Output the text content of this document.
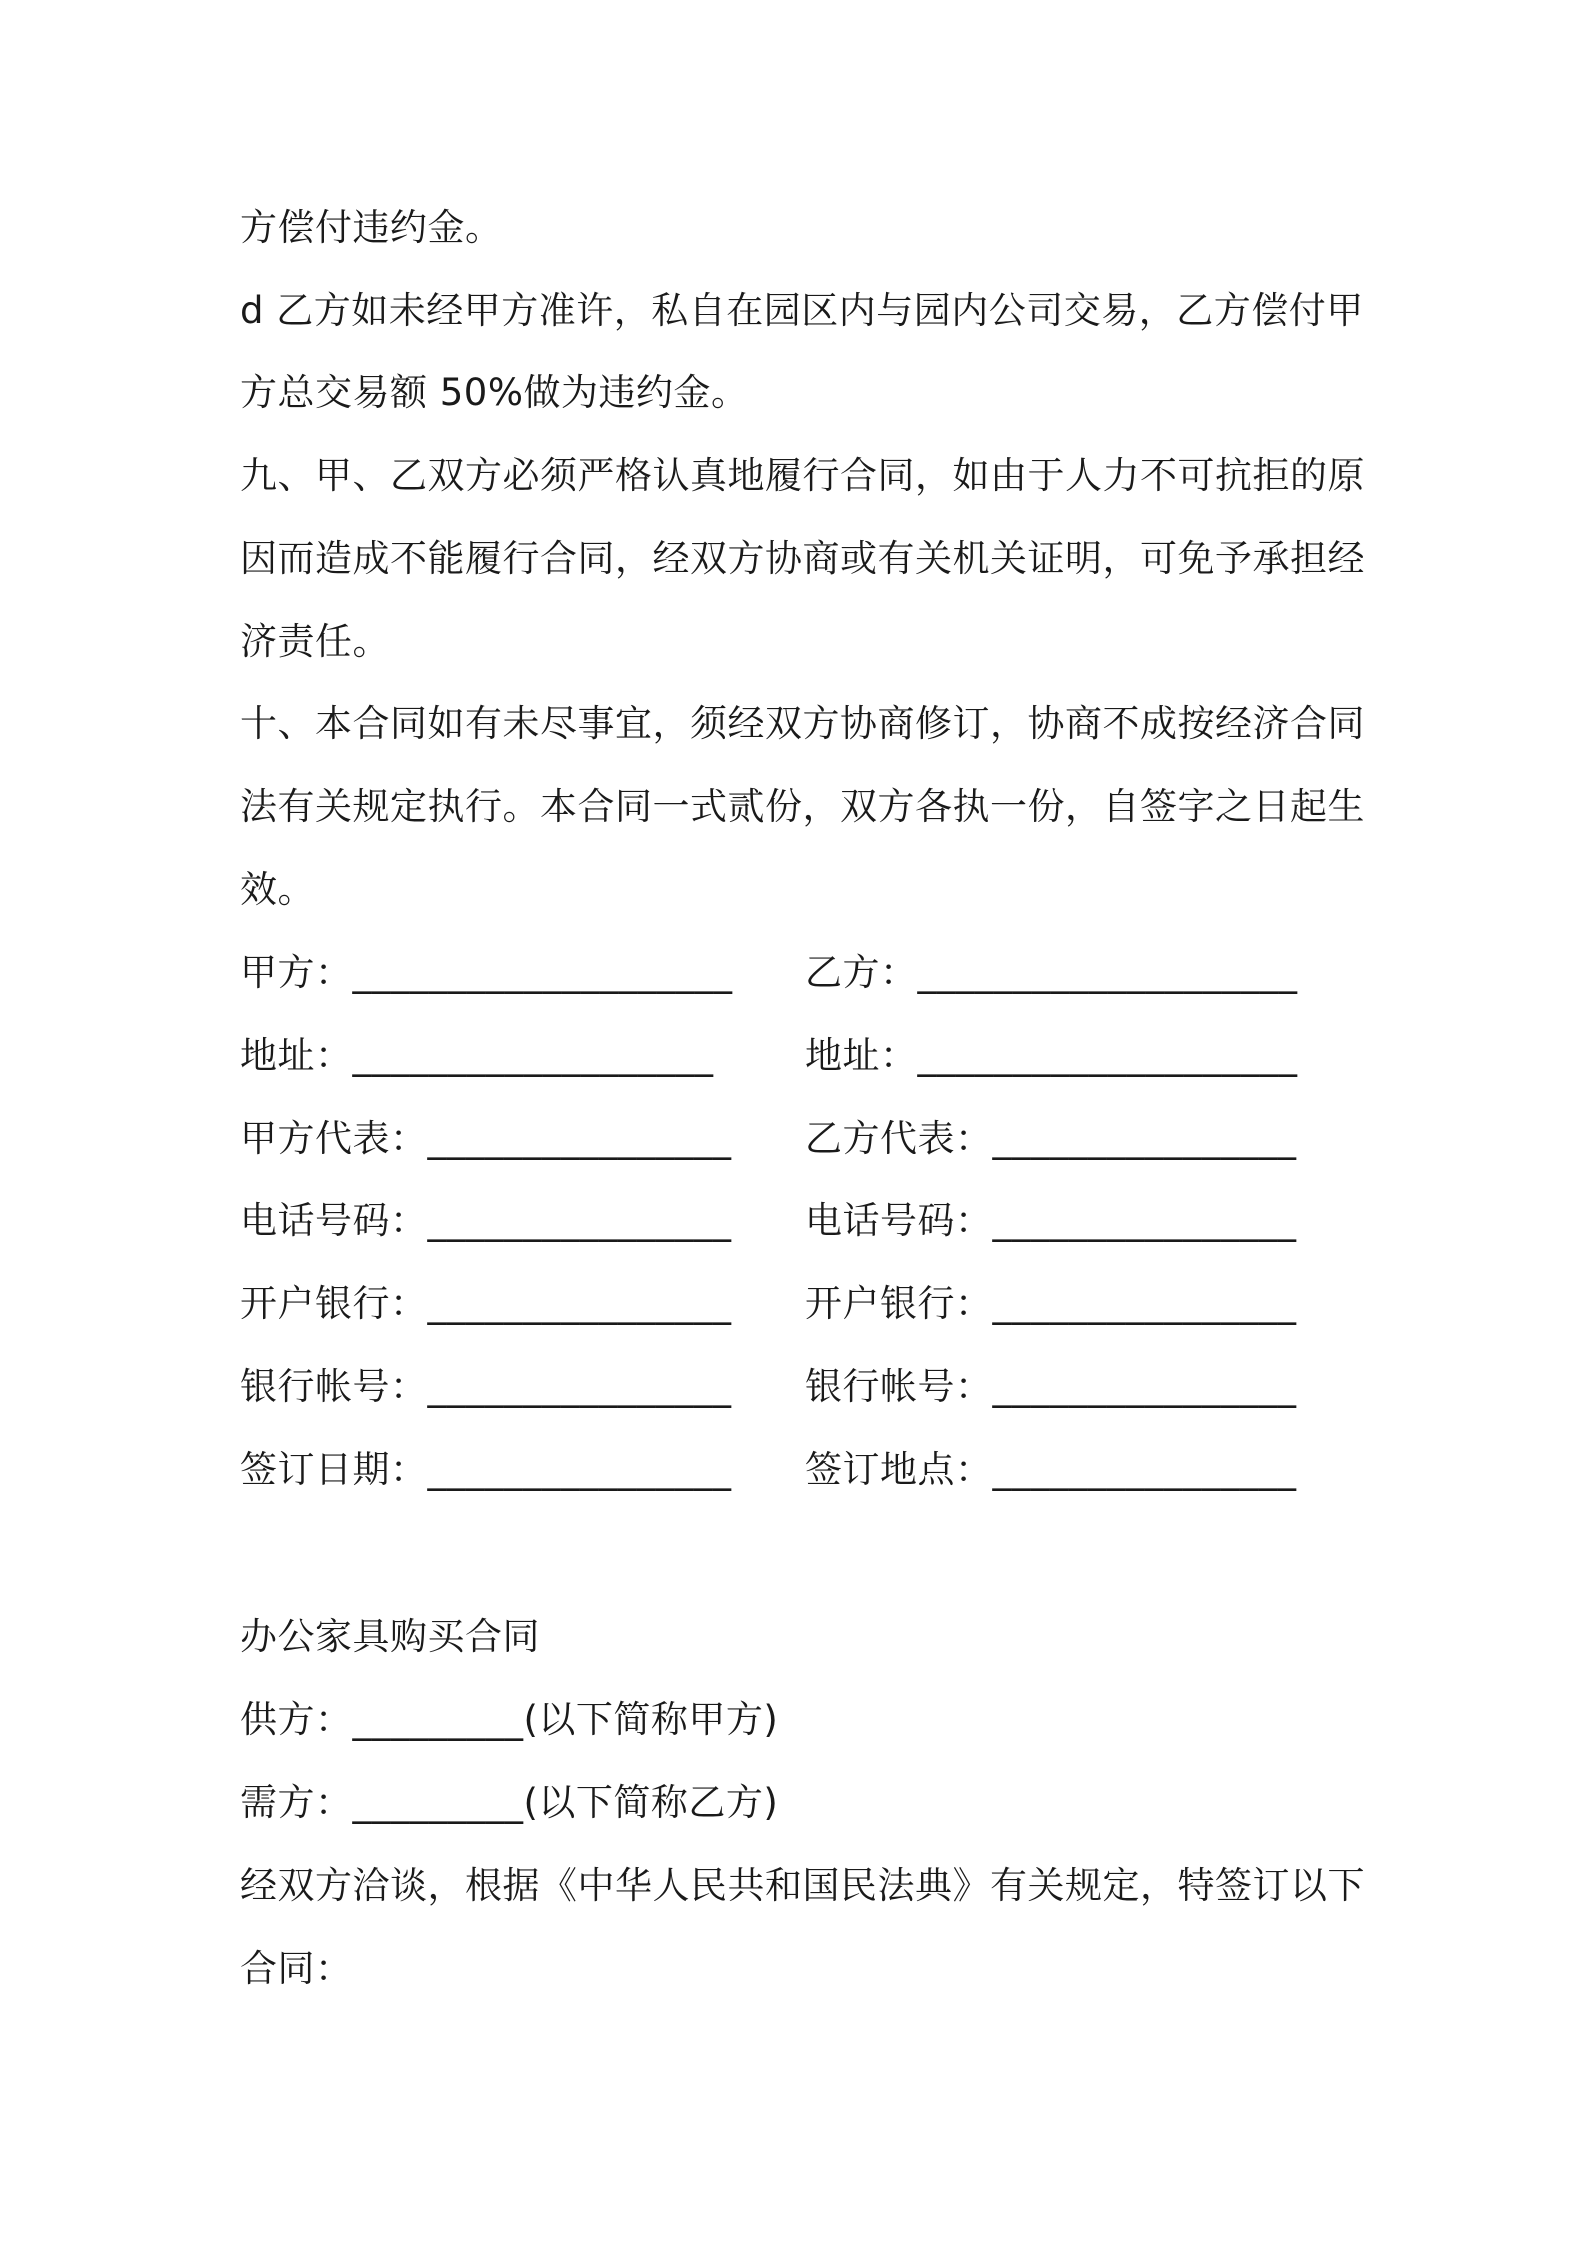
方偿付违约金。
d 乙方如未经甲方准许，私自在园区内与园内公司交易，乙方偿付甲
方总交易额 50%做为违约金。
九、甲、乙双方必须严格认真地履行合同，如由于人力不可抗拒的原
因而造成不能履行合同，经双方协商或有关机关证明，可免予承担经
济责任。
十、本合同如有未尽事宜，须经双方协商修订，协商不成按经济合同
法有关规定执行。本合同一式贰份，双方各执一份，自签字之日起生
效。
甲方：____________________ 乙方：____________________
地址：___________________ 地址：____________________
甲方代表：________________ 乙方代表：________________
电话号码：________________ 电话号码：________________
开户银行：________________ 开户银行：________________
银行帐号：________________ 银行帐号：________________
签订日期：________________ 签订地点：________________
办公家具购买合同
供方：_________(以下简称甲方)
需方：_________(以下简称乙方)
经双方洽谈，根据《中华人民共和国民法典》有关规定，特签订以下
合同：
